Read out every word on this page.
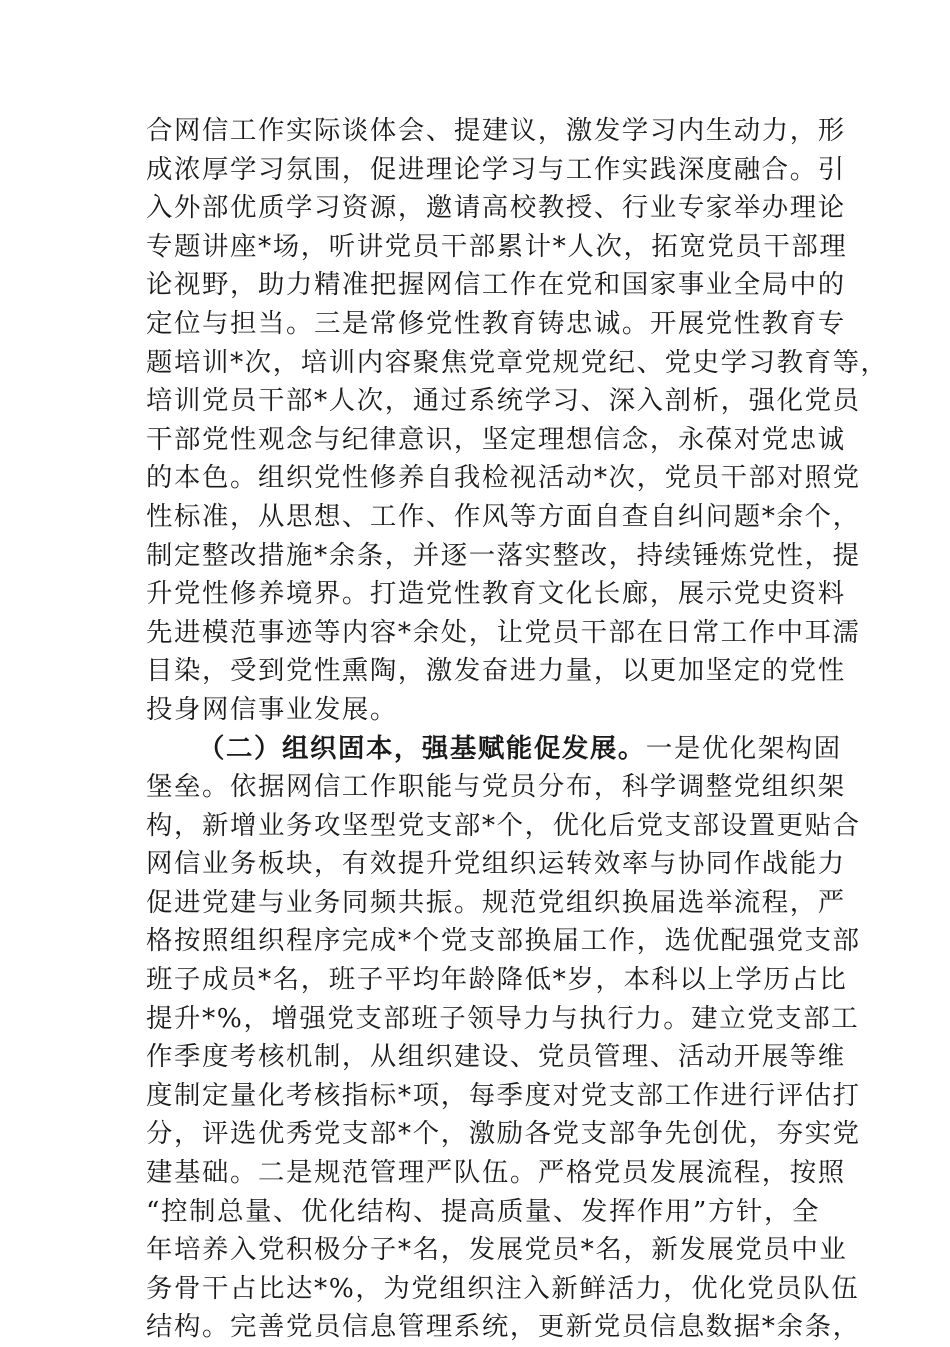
合网信工作实际谈体会、提建议，激发学习内生动力，形
成浓厚学习氛围，促进理论学习与工作实践深度融合。引
入外部优质学习资源，邀请高校教授、行业专家举办理论
专题讲座*场，听讲党员干部累计*人次，拓宽党员干部理
论视野，助力精准把握网信工作在党和国家事业全局中的
定位与担当。三是常修党性教育铸忠诚。开展党性教育专
题培训*次，培训内容聚焦党章党规党纪、党史学习教育等，
培训党员干部*人次，通过系统学习、深入剖析，强化党员
干部党性观念与纪律意识，坚定理想信念，永葆对党忠诚
的本色。组织党性修养自我检视活动*次，党员干部对照党
性标准，从思想、工作、作风等方面自查自纠问题*余个，
制定整改措施*余条，并逐一落实整改，持续锤炼党性，提
升党性修养境界。打造党性教育文化长廊，展示党史资料
先进模范事迹等内容*余处，让党员干部在日常工作中耳濡
目染，受到党性熏陶，激发奋进力量，以更加坚定的党性
投身网信事业发展。
（二）组织固本，强基赋能促发展。一是优化架构固
堡垒。依据网信工作职能与党员分布，科学调整党组织架
构，新增业务攻坚型党支部*个，优化后党支部设置更贴合
网信业务板块，有效提升党组织运转效率与协同作战能力
促进党建与业务同频共振。规范党组织换届选举流程，严
格按照组织程序完成*个党支部换届工作，选优配强党支部
班子成员*名，班子平均年龄降低*岁，本科以上学历占比
提升*%，增强党支部班子领导力与执行力。建立党支部工
作季度考核机制，从组织建设、党员管理、活动开展等维
度制定量化考核指标*项，每季度对党支部工作进行评估打
分，评选优秀党支部*个，激励各党支部争先创优，夯实党
建基础。二是规范管理严队伍。严格党员发展流程，按照
“控制总量、优化结构、提高质量、发挥作用”方针，全
年培养入党积极分子*名，发展党员*名，新发展党员中业
务骨干占比达*%，为党组织注入新鲜活力，优化党员队伍
结构。完善党员信息管理系统，更新党员信息数据*余条，
